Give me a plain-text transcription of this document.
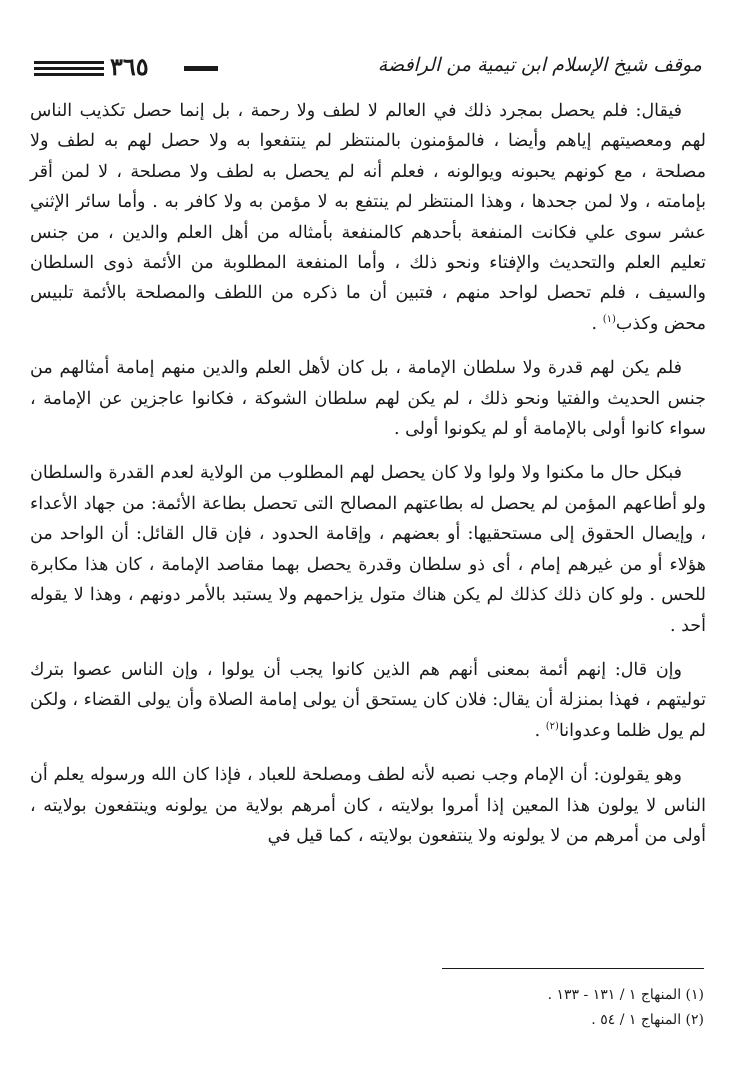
موقف شيخ الإسلام ابن تيمية من الرافضة
٣٦٥

فيقال: فلم يحصل بمجرد ذلك في العالم لا لطف ولا رحمة ، بل إنما حصل تكذيب الناس لهم ومعصيتهم إياهم وأيضا ، فالمؤمنون بالمنتظر لم ينتفعوا به ولا حصل لهم به لطف ولا مصلحة ، مع كونهم يحبونه ويوالونه ، فعلم أنه لم يحصل به لطف ولا مصلحة ، لا لمن أقر بإمامته ، ولا لمن جحدها ، وهذا المنتظر لم ينتفع به لا مؤمن به ولا كافر به . وأما سائر الإثني عشر سوى علي فكانت المنفعة بأحدهم كالمنفعة بأمثاله من أهل العلم والدين ، من جنس تعليم العلم والتحديث والإفتاء ونحو ذلك ، وأما المنفعة المطلوبة من الأئمة ذوى السلطان والسيف ، فلم تحصل لواحد منهم ، فتبين أن ما ذكره من اللطف والمصلحة بالأئمة تلبيس محض وكذب$^{(١)}$ .

فلم يكن لهم قدرة ولا سلطان الإمامة ، بل كان لأهل العلم والدين منهم إمامة أمثالهم من جنس الحديث والفتيا ونحو ذلك ، لم يكن لهم سلطان الشوكة ، فكانوا عاجزين عن الإمامة ، سواء كانوا أولى بالإمامة أو لم يكونوا أولى .

فبكل حال ما مكنوا ولا ولوا ولا كان يحصل لهم المطلوب من الولاية لعدم القدرة والسلطان ولو أطاعهم المؤمن لم يحصل له بطاعتهم المصالح التى تحصل بطاعة الأئمة: من جهاد الأعداء ، وإيصال الحقوق إلى مستحقيها: أو بعضهم ، وإقامة الحدود ، فإن قال القائل: أن الواحد من هؤلاء أو من غيرهم إمام ، أى ذو سلطان وقدرة يحصل بهما مقاصد الإمامة ، كان هذا مكابرة للحس . ولو كان ذلك كذلك لم يكن هناك متول يزاحمهم ولا يستبد بالأمر دونهم ، وهذا لا يقوله أحد .

وإن قال: إنهم أئمة بمعنى أنهم هم الذين كانوا يجب أن يولوا ، وإن الناس عصوا بترك توليتهم ، فهذا بمنزلة أن يقال: فلان كان يستحق أن يولى إمامة الصلاة وأن يولى القضاء ، ولكن لم يول ظلما وعدوانا$^{(٢)}$ .

وهو يقولون: أن الإمام وجب نصبه لأنه لطف ومصلحة للعباد ، فإذا كان الله ورسوله يعلم أن الناس لا يولون هذا المعين إذا أمروا بولايته ، كان أمرهم بولاية من يولونه وينتفعون بولايته ، أولى من أمرهم من لا يولونه ولا ينتفعون بولايته ، كما قيل في

(١) المنهاج ١ / ١٣١ - ١٣٣ .
(٢) المنهاج ١ / ٥٤ .
